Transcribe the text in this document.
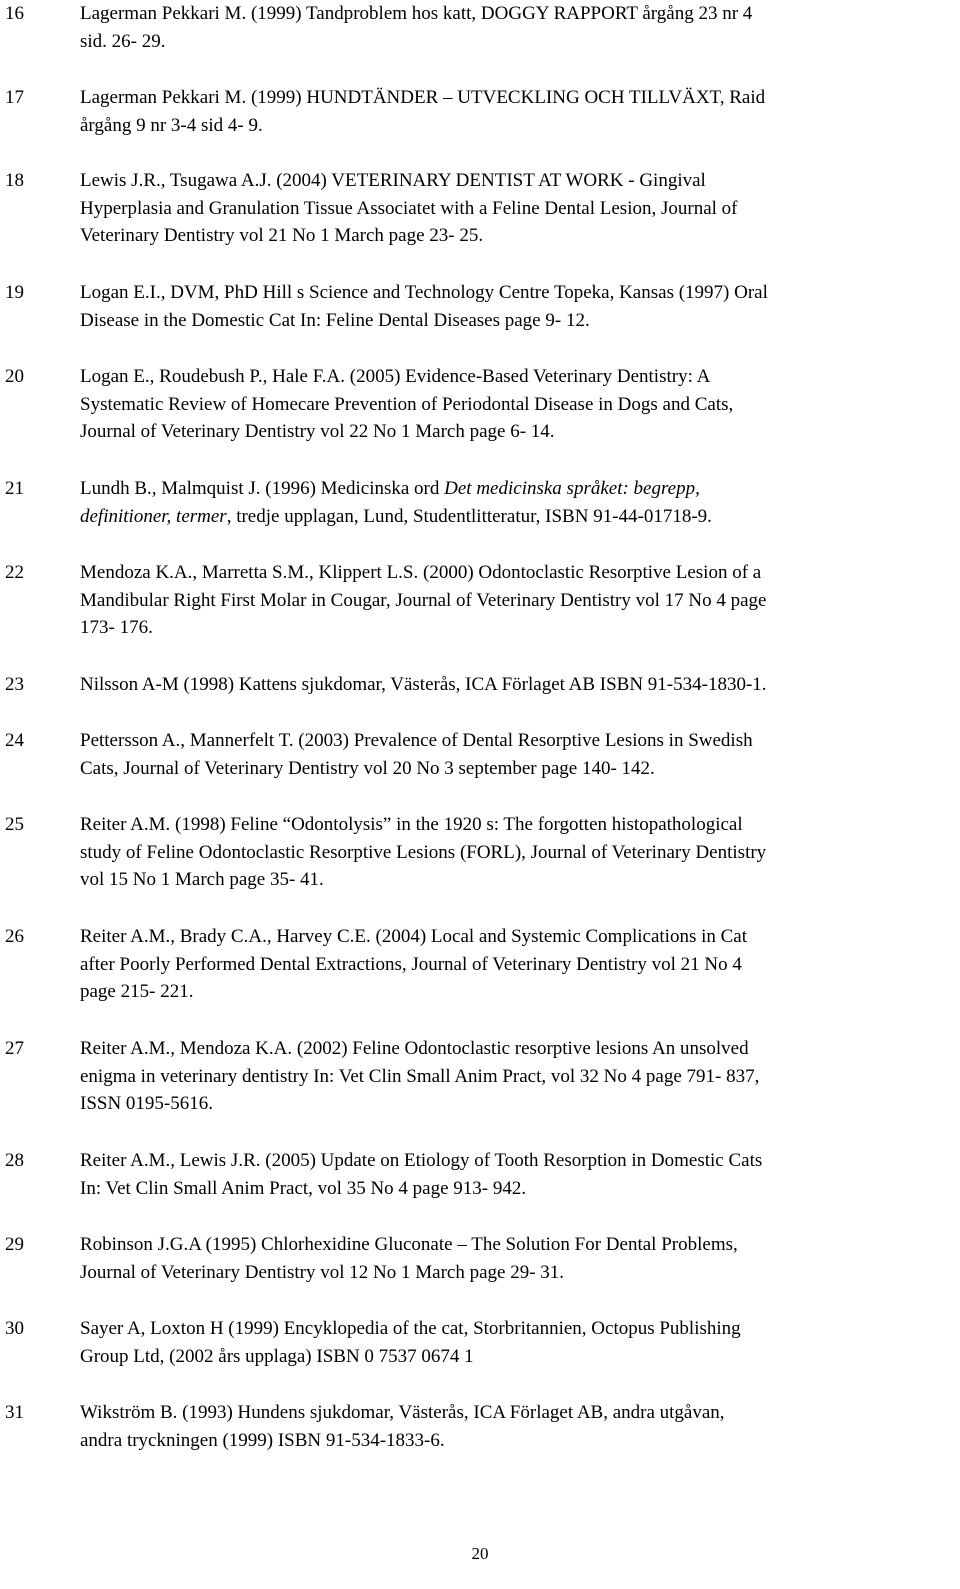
16	Lagerman Pekkari M. (1999) Tandproblem hos katt, DOGGY RAPPORT årgång 23 nr 4
sid. 26- 29.
17	Lagerman Pekkari M. (1999) HUNDTÄNDER – UTVECKLING OCH TILLVÄXT, Raid
årgång 9 nr 3-4 sid 4- 9.
18	Lewis J.R., Tsugawa A.J. (2004) VETERINARY DENTIST AT WORK - Gingival
Hyperplasia and Granulation Tissue Associatet with a Feline Dental Lesion, Journal of
Veterinary Dentistry vol 21 No 1 March page 23- 25.
19	Logan E.I., DVM, PhD Hill s Science and Technology Centre Topeka, Kansas (1997) Oral
Disease in the Domestic Cat In: Feline Dental Diseases page 9- 12.
20	Logan E., Roudebush P., Hale F.A. (2005) Evidence-Based Veterinary Dentistry: A
Systematic Review of Homecare Prevention of Periodontal Disease in Dogs and Cats,
Journal of Veterinary Dentistry vol 22 No 1 March page 6- 14.
21	Lundh B., Malmquist J. (1996) Medicinska ord Det medicinska språket: begrepp,
definitioner, termer, tredje upplagan, Lund, Studentlitteratur, ISBN 91-44-01718-9.
22	Mendoza K.A., Marretta S.M., Klippert L.S. (2000) Odontoclastic Resorptive Lesion of a
Mandibular Right First Molar in Cougar, Journal of Veterinary Dentistry vol 17 No 4 page
173- 176.
23	Nilsson A-M (1998) Kattens sjukdomar, Västerås, ICA Förlaget AB ISBN 91-534-1830-1.
24	Pettersson A., Mannerfelt T. (2003) Prevalence of Dental Resorptive Lesions in Swedish
Cats, Journal of Veterinary Dentistry vol 20 No 3 september page 140- 142.
25	Reiter A.M. (1998) Feline “Odontolysis” in the 1920 s: The forgotten histopathological
study of Feline Odontoclastic Resorptive Lesions (FORL), Journal of Veterinary Dentistry
vol 15 No 1 March page 35- 41.
26	Reiter A.M., Brady C.A., Harvey C.E. (2004) Local and Systemic Complications in Cat
after Poorly Performed Dental Extractions, Journal of Veterinary Dentistry vol 21 No 4
page 215- 221.
27	Reiter A.M., Mendoza K.A. (2002) Feline Odontoclastic resorptive lesions An unsolved
enigma in veterinary dentistry In: Vet Clin Small Anim Pract, vol 32 No 4 page 791- 837,
ISSN 0195-5616.
28	Reiter A.M., Lewis J.R. (2005) Update on Etiology of Tooth Resorption in Domestic Cats
In: Vet Clin Small Anim Pract, vol 35 No 4 page 913- 942.
29	Robinson J.G.A (1995) Chlorhexidine Gluconate – The Solution For Dental Problems,
Journal of Veterinary Dentistry vol 12 No 1 March page 29- 31.
30	Sayer A, Loxton H (1999) Encyklopedia of the cat, Storbritannien, Octopus Publishing
Group Ltd, (2002 års upplaga) ISBN 0 7537 0674 1
31	Wikström B. (1993) Hundens sjukdomar, Västerås, ICA Förlaget AB, andra utgåvan,
andra tryckningen (1999) ISBN 91-534-1833-6.
20
